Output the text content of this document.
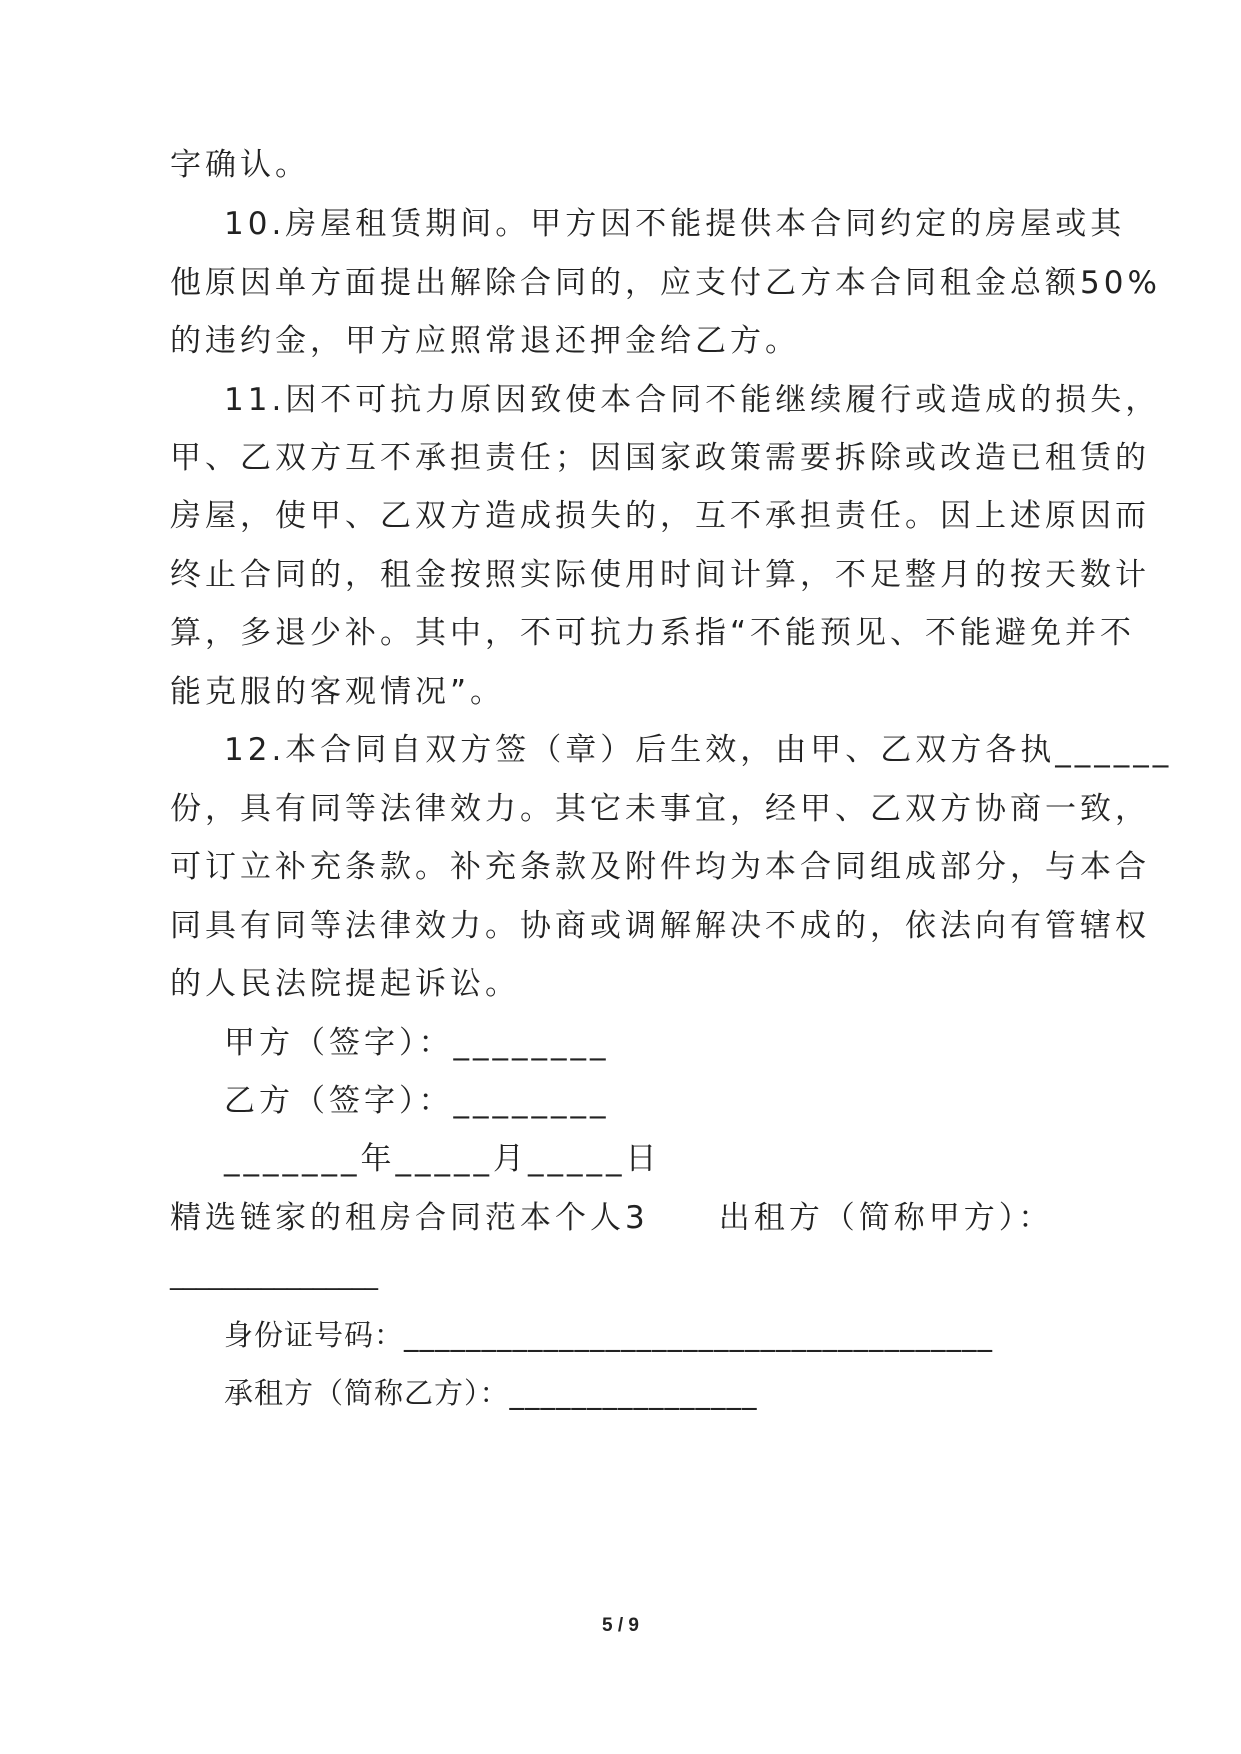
字确认。
10.房屋租赁期间。甲方因不能提供本合同约定的房屋或其
他原因单方面提出解除合同的，应支付乙方本合同租金总额50%
的违约金，甲方应照常退还押金给乙方。
11.因不可抗力原因致使本合同不能继续履行或造成的损失，
甲、乙双方互不承担责任；因国家政策需要拆除或改造已租赁的
房屋，使甲、乙双方造成损失的，互不承担责任。因上述原因而
终止合同的，租金按照实际使用时间计算，不足整月的按天数计
算，多退少补。其中，不可抗力系指“不能预见、不能避免并不
能克服的客观情况”。
12.本合同自双方签（章）后生效，由甲、乙双方各执______
份，具有同等法律效力。其它未事宜，经甲、乙双方协商一致，
可订立补充条款。补充条款及附件均为本合同组成部分，与本合
同具有同等法律效力。协商或调解解决不成的，依法向有管辖权
的人民法院提起诉讼。
甲方（签字）：________
乙方（签字）：________
_______年_____月_____日
精选链家的租房合同范本个人3　　出租方（简称甲方）：
________________
身份证号码：______________________________________
承租方（简称乙方）：________________
5 / 9
